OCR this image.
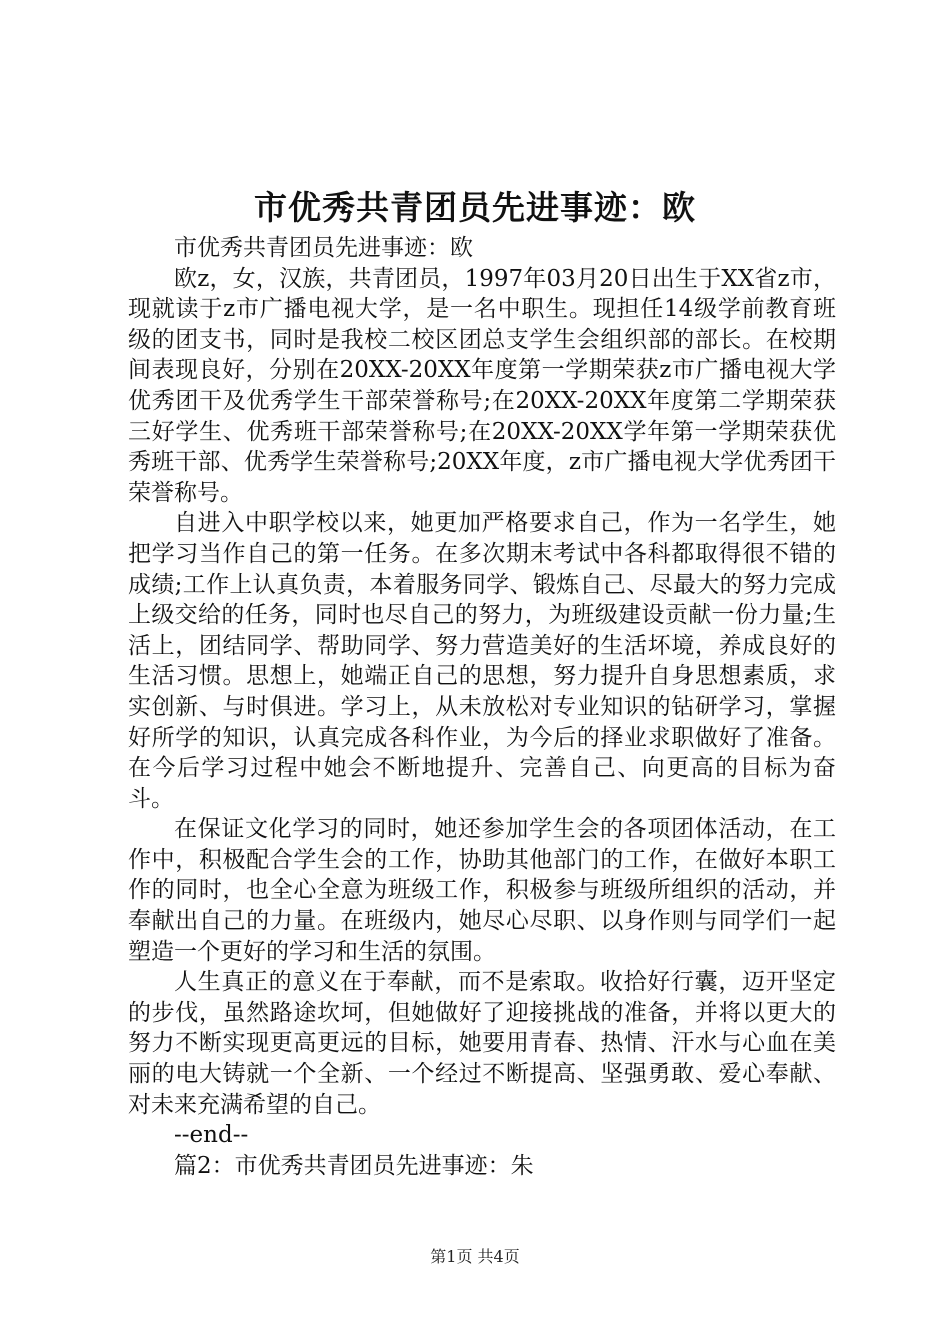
市优秀共青团员先进事迹：欧

市优秀共青团员先进事迹：欧

欧z，女，汉族，共青团员，1997年03月20日出生于XX省z市，现就读于z市广播电视大学，是一名中职生。现担任14级学前教育班级的团支书，同时是我校二校区团总支学生会组织部的部长。在校期间表现良好，分别在20XX-20XX年度第一学期荣获z市广播电视大学优秀团干及优秀学生干部荣誉称号;在20XX-20XX年度第二学期荣获三好学生、优秀班干部荣誉称号;在20XX-20XX学年第一学期荣获优秀班干部、优秀学生荣誉称号;20XX年度，z市广播电视大学优秀团干荣誉称号。

自进入中职学校以来，她更加严格要求自己，作为一名学生，她把学习当作自己的第一任务。在多次期末考试中各科都取得很不错的成绩;工作上认真负责，本着服务同学、锻炼自己、尽最大的努力完成上级交给的任务，同时也尽自己的努力，为班级建设贡献一份力量;生活上，团结同学、帮助同学、努力营造美好的生活坏境，养成良好的生活习惯。思想上，她端正自己的思想，努力提升自身思想素质，求实创新、与时俱进。学习上，从未放松对专业知识的钻研学习，掌握好所学的知识，认真完成各科作业，为今后的择业求职做好了准备。在今后学习过程中她会不断地提升、完善自己、向更高的目标为奋斗。

在保证文化学习的同时，她还参加学生会的各项团体活动，在工作中，积极配合学生会的工作，协助其他部门的工作，在做好本职工作的同时，也全心全意为班级工作，积极参与班级所组织的活动，并奉献出自己的力量。在班级内，她尽心尽职、以身作则与同学们一起塑造一个更好的学习和生活的氛围。

人生真正的意义在于奉献，而不是索取。收拾好行囊，迈开坚定的步伐，虽然路途坎坷，但她做好了迎接挑战的准备，并将以更大的努力不断实现更高更远的目标，她要用青春、热情、汗水与心血在美丽的电大铸就一个全新、一个经过不断提高、坚强勇敢、爱心奉献、对未来充满希望的自己。

--end--

篇2：市优秀共青团员先进事迹：朱

第1页 共4页
